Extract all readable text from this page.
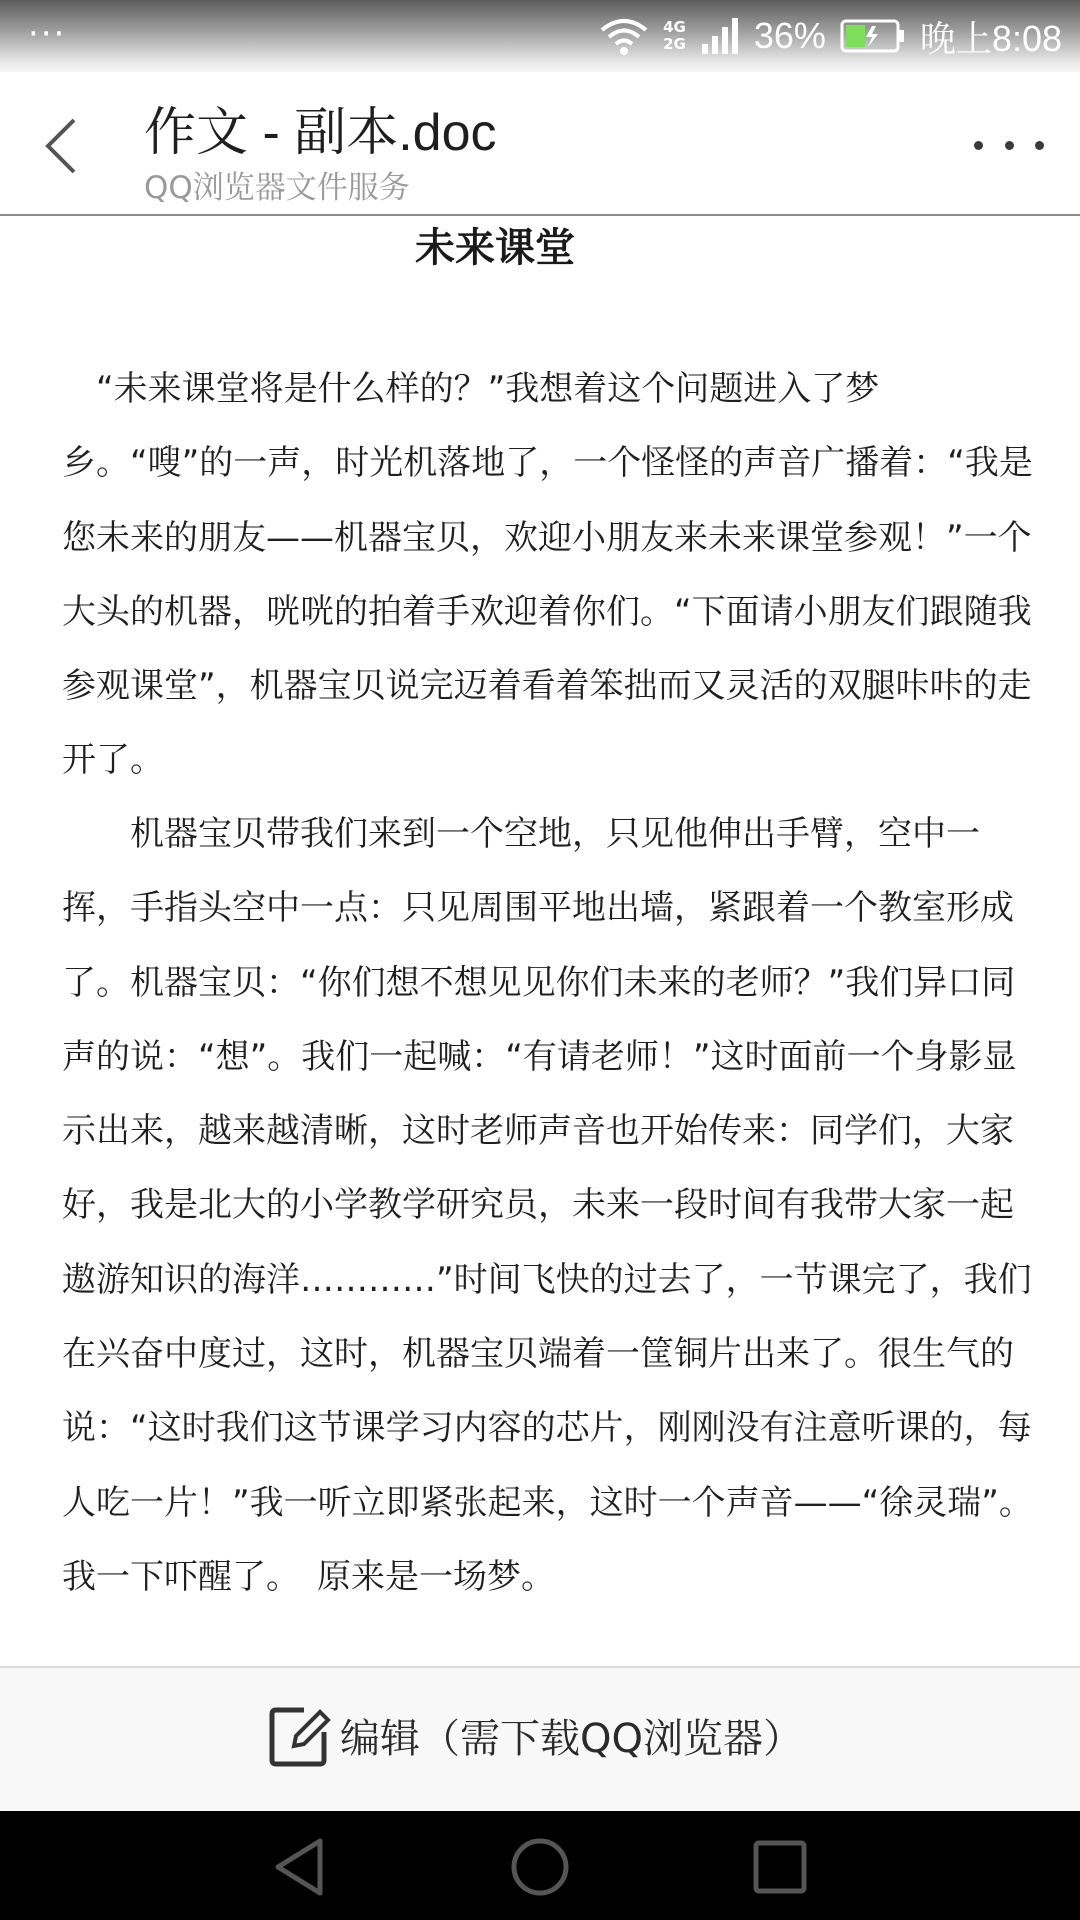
···	4G
2G 36%	晚上8:08
作文 - 副本.doc
QQ浏览器文件服务
未来课堂
“未来课堂将是什么样的？”我想着这个问题进入了梦乡。“嗖”的一声，时光机落地了，一个怪怪的声音广播着：“我是您未来的朋友——机器宝贝，欢迎小朋友来未来课堂参观！”一个大头的机器，咣咣的拍着手欢迎着你们。“下面请小朋友们跟随我参观课堂”，机器宝贝说完迈着看着笨拙而又灵活的双腿咔咔的走开了。
机器宝贝带我们来到一个空地，只见他伸出手臂，空中一挥，手指头空中一点：只见周围平地出墙，紧跟着一个教室形成了。机器宝贝：“你们想不想见见你们未来的老师？”我们异口同声的说：“想”。我们一起喊：“有请老师！”这时面前一个身影显示出来，越来越清晰，这时老师声音也开始传来：同学们，大家好，我是北大的小学教学研究员，未来一段时间有我带大家一起遨游知识的海洋…………”时间飞快的过去了，一节课完了，我们在兴奋中度过，这时，机器宝贝端着一筐铜片出来了。很生气的说：“这时我们这节课学习内容的芯片，刚刚没有注意听课的，每人吃一片！”我一听立即紧张起来，这时一个声音——“徐灵瑞”。我一下吓醒了。　原来是一场梦。
编辑（需下载QQ浏览器）
